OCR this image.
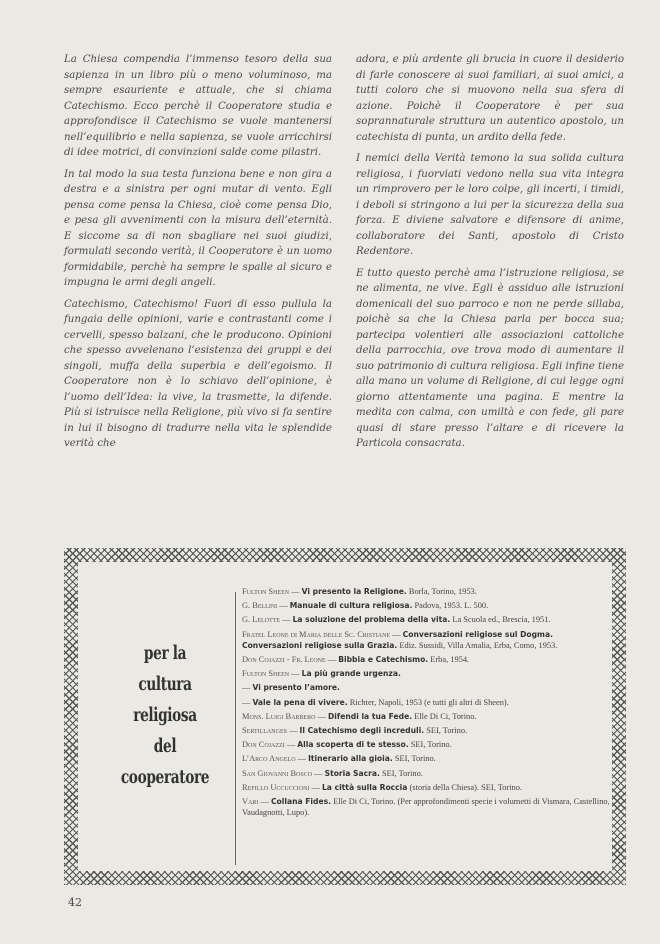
La Chiesa compendia l’immenso tesoro della sua sapienza in un libro più o meno voluminoso, ma sempre esauriente e attuale, che si chiama Catechismo. Ecco perchè il Cooperatore studia e approfondisce il Catechismo se vuole mantenersi nell’equilibrio e nella sapienza, se vuole arricchirsi di idee motrici, di convinzioni salde come pilastri.

In tal modo la sua testa funziona bene e non gira a destra e a sinistra per ogni mutar di vento. Egli pensa come pensa la Chiesa, cioè come pensa Dio, e pesa gli avvenimenti con la misura dell’eternità. E siccome sa di non sbagliare nei suoi giudizi, formulati secondo verità, il Cooperatore è un uomo formidabile, perchè ha sempre le spalle al sicuro e impugna le armi degli angeli.

Catechismo, Catechismo! Fuori di esso pullula la fungaia delle opinioni, varie e contrastanti come i cervelli, spesso balzani, che le producono. Opinioni che spesso avvelenano l’esistenza dei gruppi e dei singoli, muffa della superbia e dell’egoismo. Il Cooperatore non è lo schiavo dell’opinione, è l’uomo dell’Idea: la vive, la trasmette, la difende. Più si istruisce nella Religione, più vivo si fa sentire in lui il bisogno di tradurre nella vita le splendide verità che

adora, e più ardente gli brucia in cuore il desiderio di farle conoscere ai suoi familiari, ai suoi amici, a tutti coloro che si muovono nella sua sfera di azione. Poichè il Cooperatore è per sua soprannaturale struttura un autentico apostolo, un catechista di punta, un ardito della fede.

I nemici della Verità temono la sua solida cultura religiosa, i fuorviati vedono nella sua vita integra un rimprovero per le loro colpe, gli incerti, i timidi, i deboli si stringono a lui per la sicurezza della sua forza. E diviene salvatore e difensore di anime, collaboratore dei Santi, apostolo di Cristo Redentore.

E tutto questo perchè ama l’istruzione religiosa, se ne alimenta, ne vive. Egli è assiduo alle istruzioni domenicali del suo parroco e non ne perde sillaba, poichè sa che la Chiesa parla per bocca sua; partecipa volentieri alle associazioni cattoliche della parrocchia, ove trova modo di aumentare il suo patrimonio di cultura religiosa. Egli infine tiene alla mano un volume di Religione, di cui legge ogni giorno attentamente una pagina. E mentre la medita con calma, con umiltà e con fede, gli pare quasi di stare presso l’altare e di ricevere la Particola consacrata.

per la
cultura religiosa
del
cooperatore
Fulton Sheen — Vi presento la Religione. Borla, Torino, 1953.
G. Bellini — Manuale di cultura religiosa. Padova, 1953. L. 500.
G. Lelotte — La soluzione del problema della vita. La Scuola ed., Brescia, 1951.
Fratel Leone di Maria delle Sc. Cristiane — Conversazioni religiose sul Dogma. Conversazioni religiose sulla Grazia. Ediz. Sussidi, Villa Amalia, Erba, Como, 1953.
Don Cojazzi - Fr. Leone — Bibbia e Catechismo. Erba, 1954.
Fulton Sheen — La più grande urgenza.
— Vi presento l’amore.
— Vale la pena di vivere. Richter, Napoli, 1953 (e tutti gli altri di Sheen).
Mons. Luigi Barbero — Difendi la tua Fede. Elle Di Ci, Torino.
Sertillanges — Il Catechismo degli increduli. SEI, Torino.
Don Cojazzi — Alla scoperta di te stesso. SEI, Torino.
L’Arco Angelo — Itinerario alla gioia. SEI, Torino.
San Giovanni Bosco — Storia Sacra. SEI, Torino.
Refillo Uccuccioni — La città sulla Roccia (storia della Chiesa). SEI, Torino.
Vari — Collana Fides. Elle Di Ci, Torino. (Per approfondimenti specie i volumetti di Vismara, Castellino, Vaudagnotti, Lupo).
42
